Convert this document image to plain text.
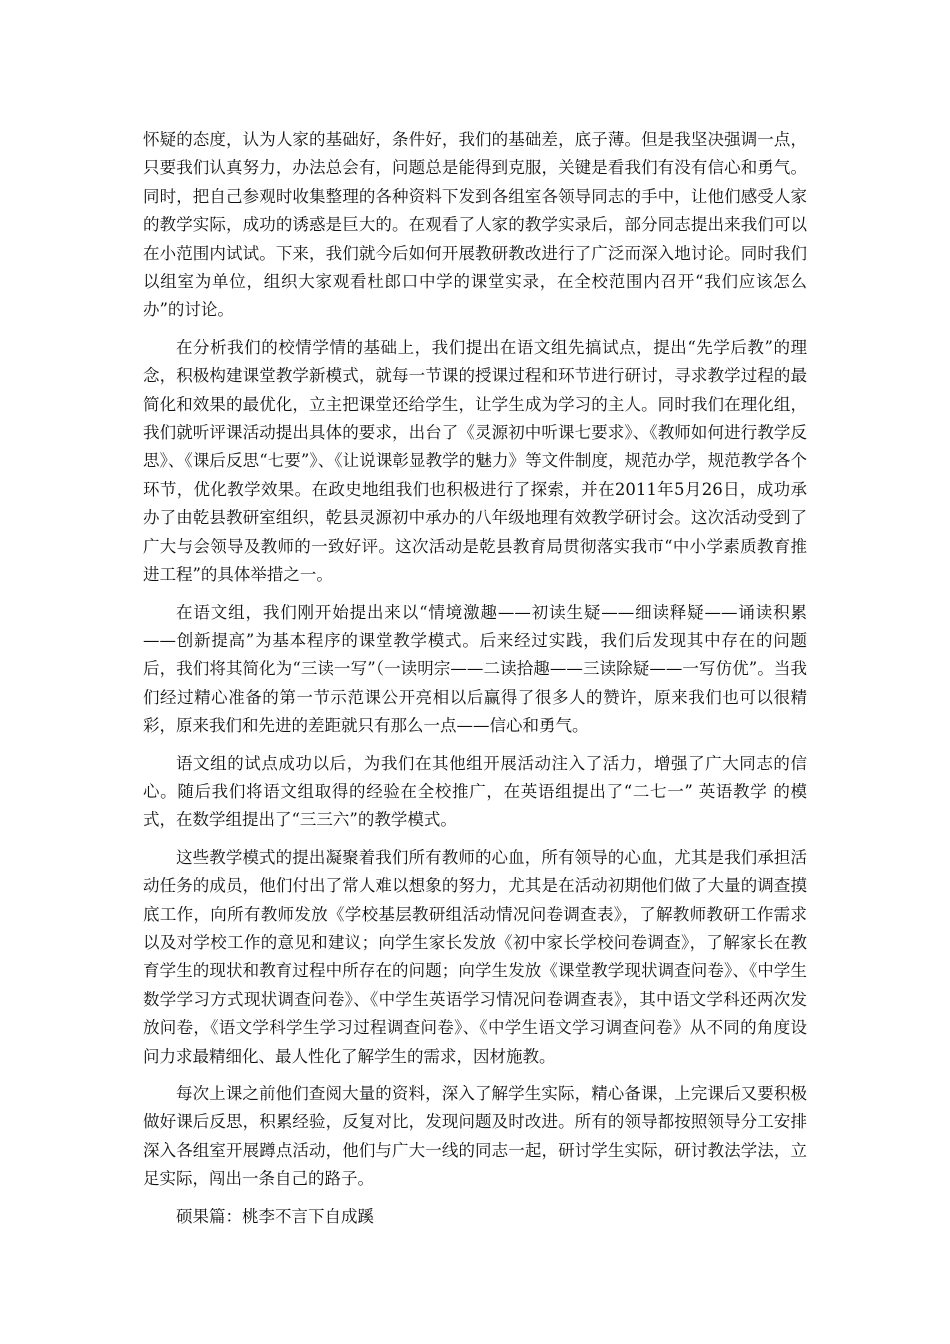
怀疑的态度，认为人家的基础好，条件好，我们的基础差，底子薄。但是我坚决强调一点，只要我们认真努力，办法总会有，问题总是能得到克服，关键是看我们有没有信心和勇气。同时，把自己参观时收集整理的各种资料下发到各组室各领导同志的手中，让他们感受人家的教学实际，成功的诱惑是巨大的。在观看了人家的教学实录后，部分同志提出来我们可以在小范围内试试。下来，我们就今后如何开展教研教改进行了广泛而深入地讨论。同时我们以组室为单位，组织大家观看杜郎口中学的课堂实录，在全校范围内召开“我们应该怎么办”的讨论。

在分析我们的校情学情的基础上，我们提出在语文组先搞试点，提出“先学后教”的理念，积极构建课堂教学新模式，就每一节课的授课过程和环节进行研讨，寻求教学过程的最简化和效果的最优化，立主把课堂还给学生，让学生成为学习的主人。同时我们在理化组，我们就听评课活动提出具体的要求，出台了《灵源初中听课七要求》、《教师如何进行教学反思》、《课后反思“七要”》、《让说课彰显教学的魅力》等文件制度，规范办学，规范教学各个环节，优化教学效果。在政史地组我们也积极进行了探索，并在2011年5月26日，成功承办了由乾县教研室组织，乾县灵源初中承办的八年级地理有效教学研讨会。这次活动受到了广大与会领导及教师的一致好评。这次活动是乾县教育局贯彻落实我市“中小学素质教育推进工程”的具体举措之一。

在语文组，我们刚开始提出来以“情境激趣——初读生疑——细读释疑——诵读积累——创新提高”为基本程序的课堂教学模式。后来经过实践，我们后发现其中存在的问题后，我们将其简化为“三读一写”（一读明宗——二读拾趣——三读除疑——一写仿优”。当我们经过精心准备的第一节示范课公开亮相以后赢得了很多人的赞许，原来我们也可以很精彩，原来我们和先进的差距就只有那么一点——信心和勇气。

语文组的试点成功以后，为我们在其他组开展活动注入了活力，增强了广大同志的信心。随后我们将语文组取得的经验在全校推广，在英语组提出了“二七一” 英语教学 的模式，在数学组提出了“三三六”的教学模式。

这些教学模式的提出凝聚着我们所有教师的心血，所有领导的心血，尤其是我们承担活动任务的成员，他们付出了常人难以想象的努力，尤其是在活动初期他们做了大量的调查摸底工作，向所有教师发放《学校基层教研组活动情况问卷调查表》，了解教师教研工作需求以及对学校工作的意见和建议；向学生家长发放《初中家长学校问卷调查》，了解家长在教育学生的现状和教育过程中所存在的问题；向学生发放《课堂教学现状调查问卷》、《中学生数学学习方式现状调查问卷》、《中学生英语学习情况问卷调查表》，其中语文学科还两次发放问卷，《语文学科学生学习过程调查问卷》、《中学生语文学习调查问卷》从不同的角度设问力求最精细化、最人性化了解学生的需求，因材施教。

每次上课之前他们查阅大量的资料，深入了解学生实际，精心备课，上完课后又要积极做好课后反思，积累经验，反复对比，发现问题及时改进。所有的领导都按照领导分工安排深入各组室开展蹲点活动，他们与广大一线的同志一起，研讨学生实际，研讨教法学法，立足实际，闯出一条自己的路子。

硕果篇：桃李不言下自成蹊
